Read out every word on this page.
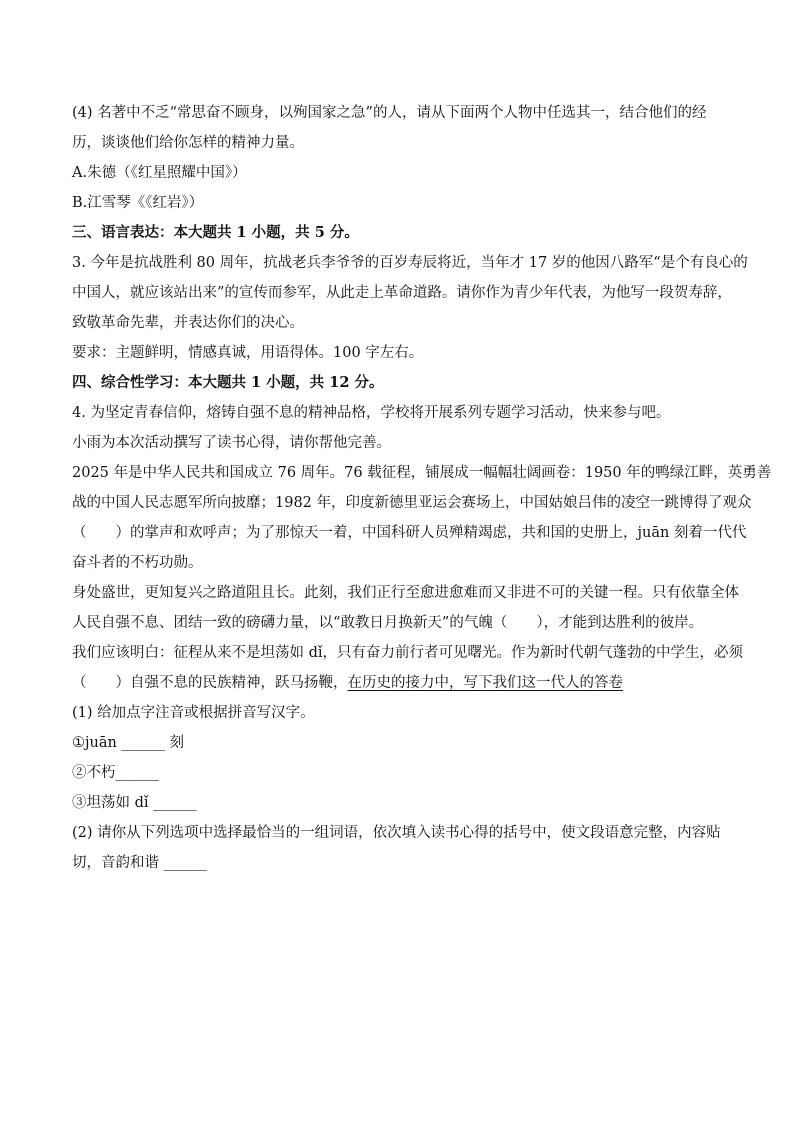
(4) 名著中不乏“常思奋不顾身，以殉国家之急”的人，请从下面两个人物中任选其一，结合他们的经
历，谈谈他们给你怎样的精神力量。
A.朱德（《红星照耀中国》）
B.江雪琴《《红岩》）
三、语言表达：本大题共 1 小题，共 5 分。
3. 今年是抗战胜利 80 周年，抗战老兵李爷爷的百岁寿辰将近，当年才 17 岁的他因八路军“是个有良心的
中国人，就应该站出来”的宣传而参军，从此走上革命道路。请你作为青少年代表，为他写一段贺寿辞，
致敬革命先辈，并表达你们的决心。
要求：主题鲜明，情感真诚，用语得体。100 字左右。
四、综合性学习：本大题共 1 小题，共 12 分。
4. 为坚定青春信仰，熔铸自强不息的精神品格，学校将开展系列专题学习活动，快来参与吧。
小雨为本次活动撰写了读书心得，请你帮他完善。
2025 年是中华人民共和国成立 76 周年。76 载征程，铺展成一幅幅壮阔画卷：1950 年的鸭绿江畔，英勇善
战的中国人民志愿军所向披靡；1982 年，印度新德里亚运会赛场上，中国姑娘吕伟的凌空一跳博得了观众
（　　）的掌声和欢呼声；为了那惊天一着，中国科研人员殚精竭虑，共和国的史册上，juān 刻着一代代
奋斗者的不朽功勋。
身处盛世，更知复兴之路道阻且长。此刻，我们正行至愈进愈难而又非进不可的关键一程。只有依靠全体
人民自强不息、团结一致的磅礴力量，以“敢教日月换新天”的气魄（　　），才能到达胜利的彼岸。
我们应该明白：征程从来不是坦荡如 dǐ，只有奋力前行者可见曙光。作为新时代朝气蓬勃的中学生，必须
（　　）自强不息的民族精神，跃马扬鞭，在历史的接力中，写下我们这一代人的答卷
(1) 给加点字注音或根据拼音写汉字。
①juān ______ 刻
②不朽______
③坦荡如 dǐ ______
(2) 请你从下列选项中选择最恰当的一组词语，依次填入读书心得的括号中，使文段语意完整，内容贴
切，音韵和谐 ______
